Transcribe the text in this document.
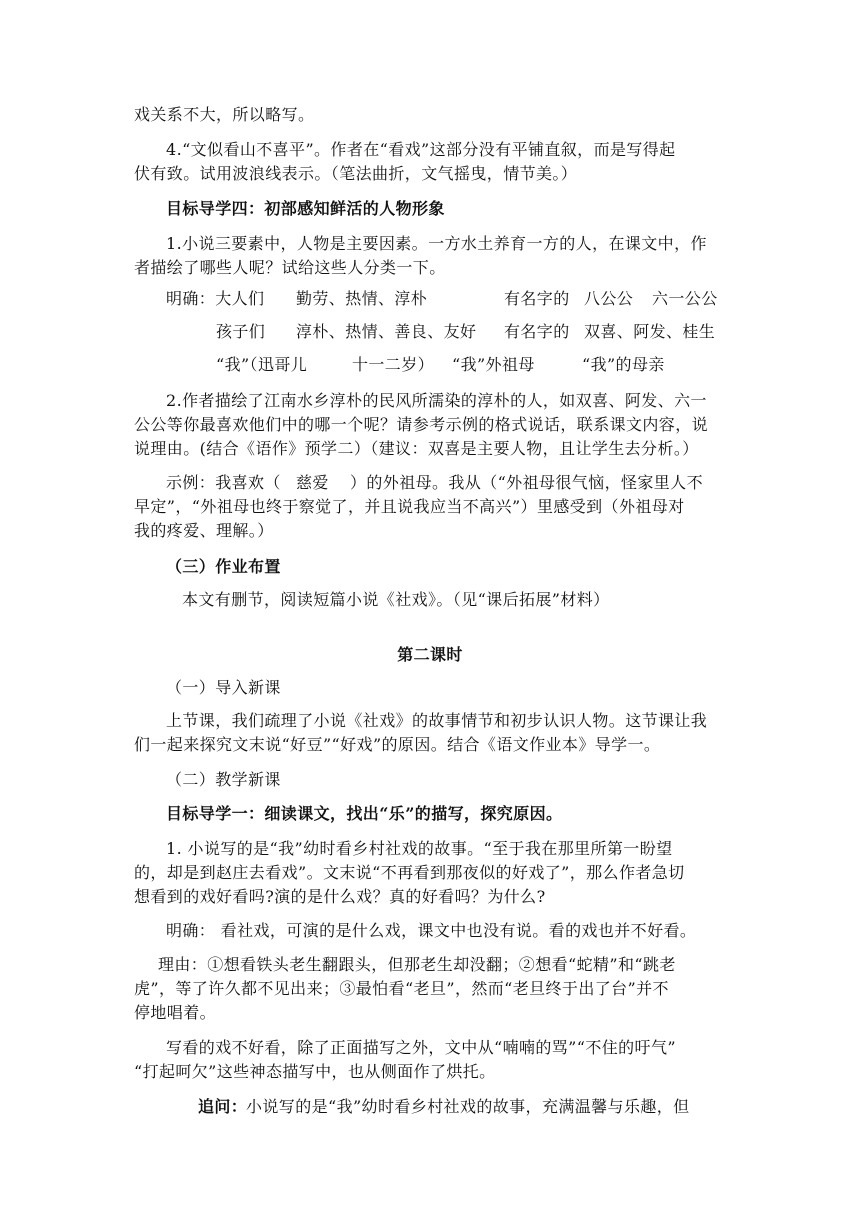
戏关系不大，所以略写。
4.“文似看山不喜平”。作者在“看戏”这部分没有平铺直叙，而是写得起
伏有致。试用波浪线表示。（笔法曲折，文气摇曳，情节美。）
目标导学四：初部感知鲜活的人物形象
1.小说三要素中，人物是主要因素。一方水土养育一方的人，在课文中，作
者描绘了哪些人呢？试给这些人分类一下。
明确：大人们 勤劳、热情、淳朴	有名字的 八公公 六一公公
孩子们 淳朴、热情、善良、友好 有名字的 双喜、阿发、桂生
“我”（迅哥儿	十一二岁） “我”外祖母	“我”的母亲
2.作者描绘了江南水乡淳朴的民风所濡染的淳朴的人，如双喜、阿发、六一
公公等你最喜欢他们中的哪一个呢？请参考示例的格式说话，联系课文内容，说
说理由。(结合《语作》预学二）（建议：双喜是主要人物，且让学生去分析。）
示例：我喜欢（ 慈爱 ）的外祖母。我从（“外祖母很气恼，怪家里人不
早定”，“外祖母也终于察觉了，并且说我应当不高兴”）里感受到（外祖母对
我的疼爱、理解。）
（三）作业布置
本文有删节，阅读短篇小说《社戏》。（见“课后拓展”材料）
第二课时
（一）导入新课
上节课，我们疏理了小说《社戏》的故事情节和初步认识人物。这节课让我
们一起来探究文末说“好豆”“好戏”的原因。结合《语文作业本》导学一。
（二）教学新课
目标导学一：细读课文，找出“乐”的描写，探究原因。
1. 小说写的是“我”幼时看乡村社戏的故事。“至于我在那里所第一盼望
的，却是到赵庄去看戏”。文末说“不再看到那夜似的好戏了”，那么作者急切
想看到的戏好看吗?演的是什么戏？真的好看吗？为什么?
明确： 看社戏，可演的是什么戏，课文中也没有说。看的戏也并不好看。
理由：①想看铁头老生翻跟头，但那老生却没翻；②想看“蛇精”和“跳老
虎”，等了许久都不见出来；③最怕看“老旦”，然而“老旦终于出了台”并不
停地唱着。
写看的戏不好看，除了正面描写之外，文中从“喃喃的骂”“不住的吁气”
“打起呵欠”这些神态描写中，也从侧面作了烘托。
追问：
小说写的是“我”幼时看乡村社戏的故事，充满温馨与乐趣，但
